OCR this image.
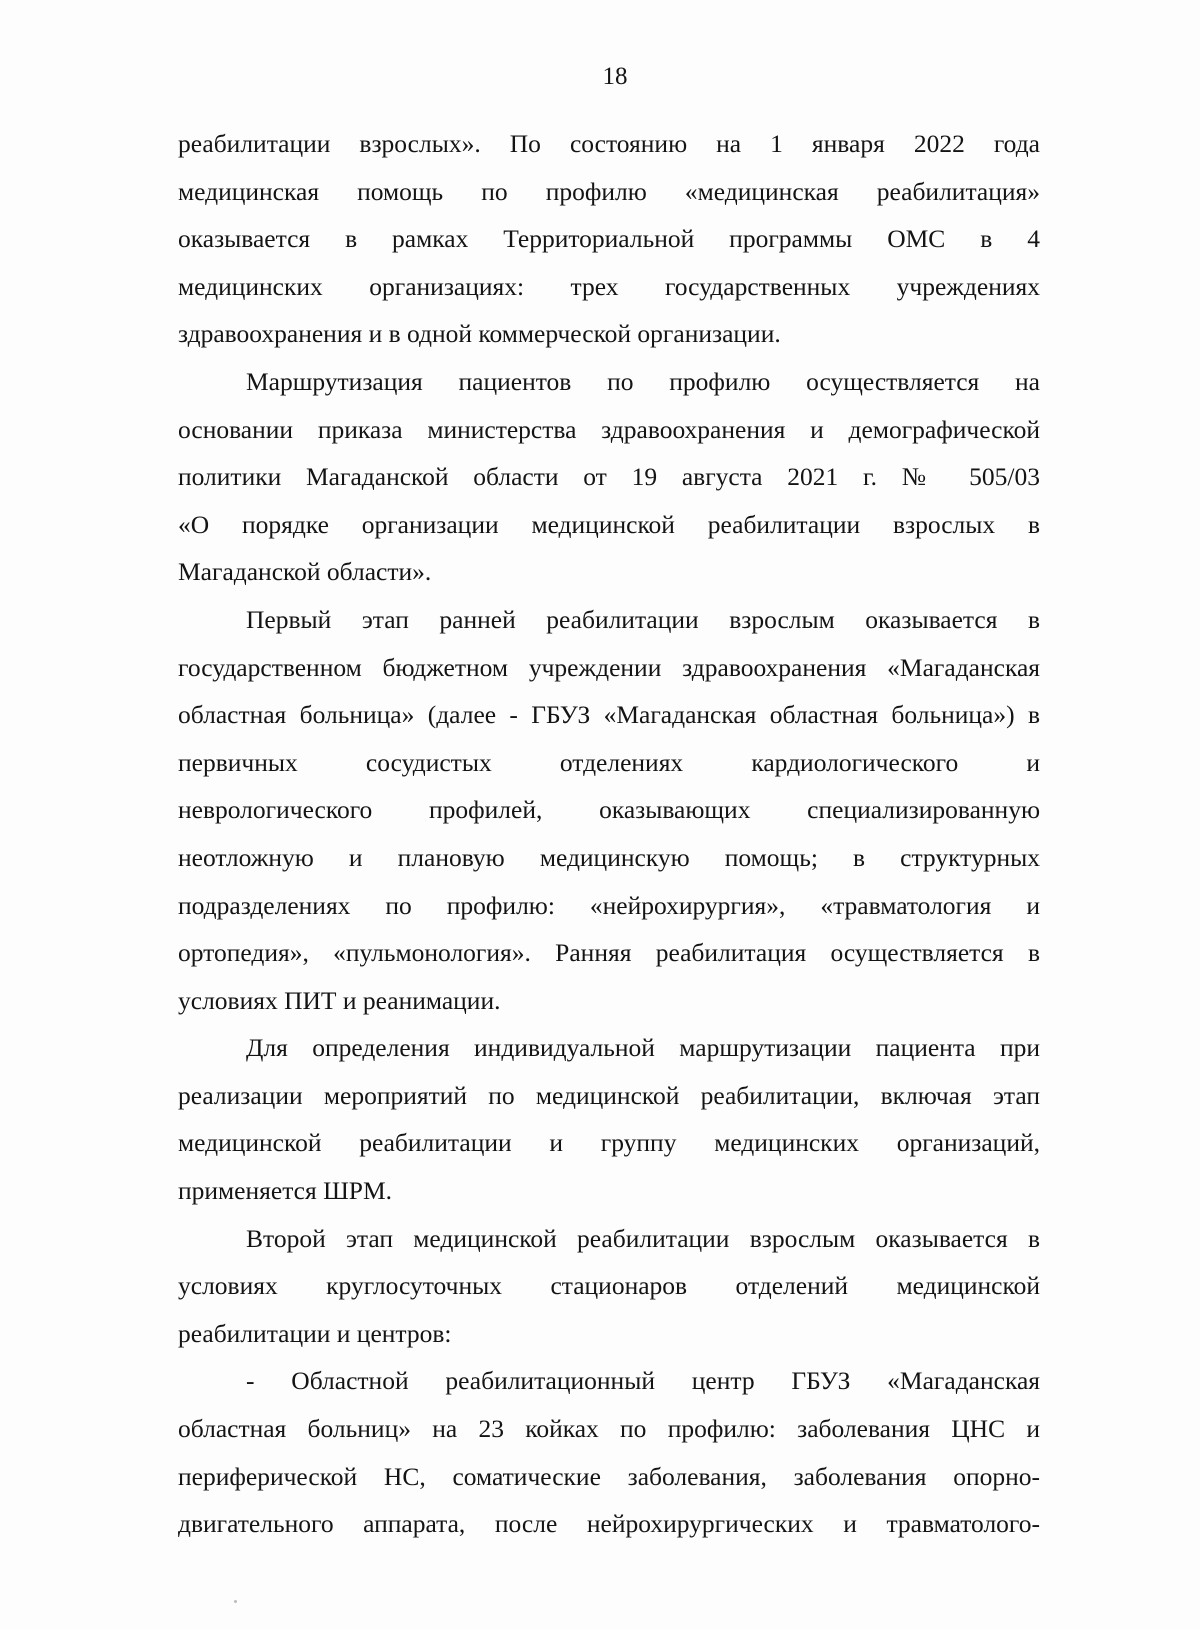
18
реабилитации взрослых». По состоянию на 1 января 2022 года
медицинская помощь по профилю «медицинская реабилитация»
оказывается в рамках Территориальной программы ОМС в 4
медицинских организациях: трех государственных учреждениях
здравоохранения и в одной коммерческой организации.
Маршрутизация пациентов по профилю осуществляется на
основании приказа министерства здравоохранения и демографической
политики Магаданской области от 19 августа 2021 г. № 505/03
«О порядке организации медицинской реабилитации взрослых в
Магаданской области».
Первый этап ранней реабилитации взрослым оказывается в
государственном бюджетном учреждении здравоохранения «Магаданская
областная больница» (далее - ГБУЗ «Магаданская областная больница») в
первичных сосудистых отделениях кардиологического и
неврологического профилей, оказывающих специализированную
неотложную и плановую медицинскую помощь; в структурных
подразделениях по профилю: «нейрохирургия», «травматология и
ортопедия», «пульмонология». Ранняя реабилитация осуществляется в
условиях ПИТ и реанимации.
Для определения индивидуальной маршрутизации пациента при
реализации мероприятий по медицинской реабилитации, включая этап
медицинской реабилитации и группу медицинских организаций,
применяется ШРМ.
Второй этап медицинской реабилитации взрослым оказывается в
условиях круглосуточных стационаров отделений медицинской
реабилитации и центров:
- Областной реабилитационный центр ГБУЗ «Магаданская
областная больниц» на 23 койках по профилю: заболевания ЦНС и
периферической НС, соматические заболевания, заболевания опорно-
двигательного аппарата, после нейрохирургических и травматолого-
